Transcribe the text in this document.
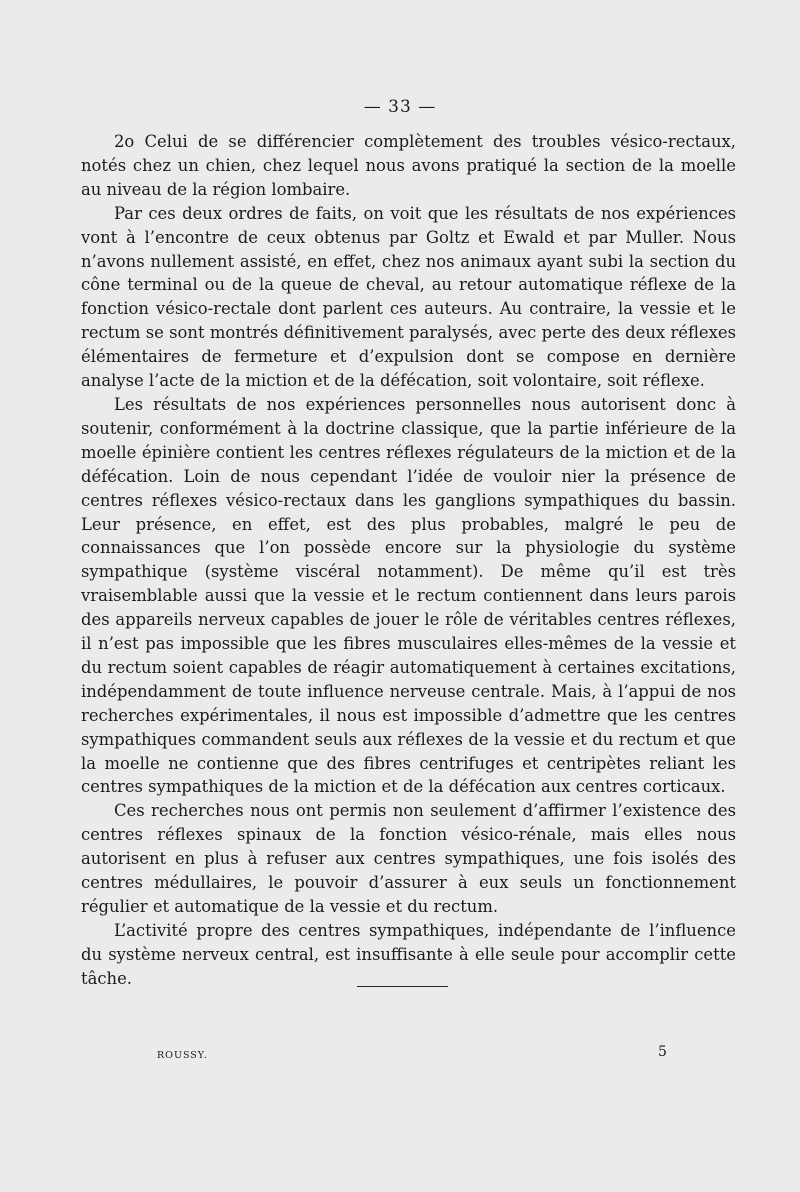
— 33 —

2o Celui de se différencier complètement des troubles vésico-rectaux, notés chez un chien, chez lequel nous avons pratiqué la section de la moelle au niveau de la région lombaire.

Par ces deux ordres de faits, on voit que les résultats de nos expériences vont à l’encontre de ceux obtenus par Goltz et Ewald et par Muller. Nous n’avons nullement assisté, en effet, chez nos animaux ayant subi la section du cône terminal ou de la queue de cheval, au retour automatique réflexe de la fonction vésico-rectale dont parlent ces auteurs. Au contraire, la vessie et le rectum se sont montrés définitivement paralysés, avec perte des deux réflexes élémentaires de fermeture et d’expulsion dont se compose en dernière analyse l’acte de la miction et de la défécation, soit volontaire, soit réflexe.

Les résultats de nos expériences personnelles nous autorisent donc à soutenir, conformément à la doctrine classique, que la partie inférieure de la moelle épinière contient les centres réflexes régulateurs de la miction et de la défécation. Loin de nous cependant l’idée de vouloir nier la présence de centres réflexes vésico-rectaux dans les ganglions sympathiques du bassin. Leur présence, en effet, est des plus probables, malgré le peu de connaissances que l’on possède encore sur la physiologie du système sympathique (système viscéral notamment). De même qu’il est très vraisemblable aussi que la vessie et le rectum contiennent dans leurs parois des appareils nerveux capables de jouer le rôle de véritables centres réflexes, il n’est pas impossible que les fibres musculaires elles-mêmes de la vessie et du rectum soient capables de réagir automatiquement à certaines excitations, indépendamment de toute influence nerveuse centrale. Mais, à l’appui de nos recherches expérimentales, il nous est impossible d’admettre que les centres sympathiques commandent seuls aux réflexes de la vessie et du rectum et que la moelle ne contienne que des fibres centrifuges et centripètes reliant les centres sympathiques de la miction et de la défécation aux centres corticaux.

Ces recherches nous ont permis non seulement d’affirmer l’existence des centres réflexes spinaux de la fonction vésico-rénale, mais elles nous autorisent en plus à refuser aux centres sympathiques, une fois isolés des centres médullaires, le pouvoir d’assurer à eux seuls un fonctionnement régulier et automatique de la vessie et du rectum.

L’activité propre des centres sympathiques, indépendante de l’influence du système nerveux central, est insuffisante à elle seule pour accomplir cette tâche.

ROUSSY.	5
